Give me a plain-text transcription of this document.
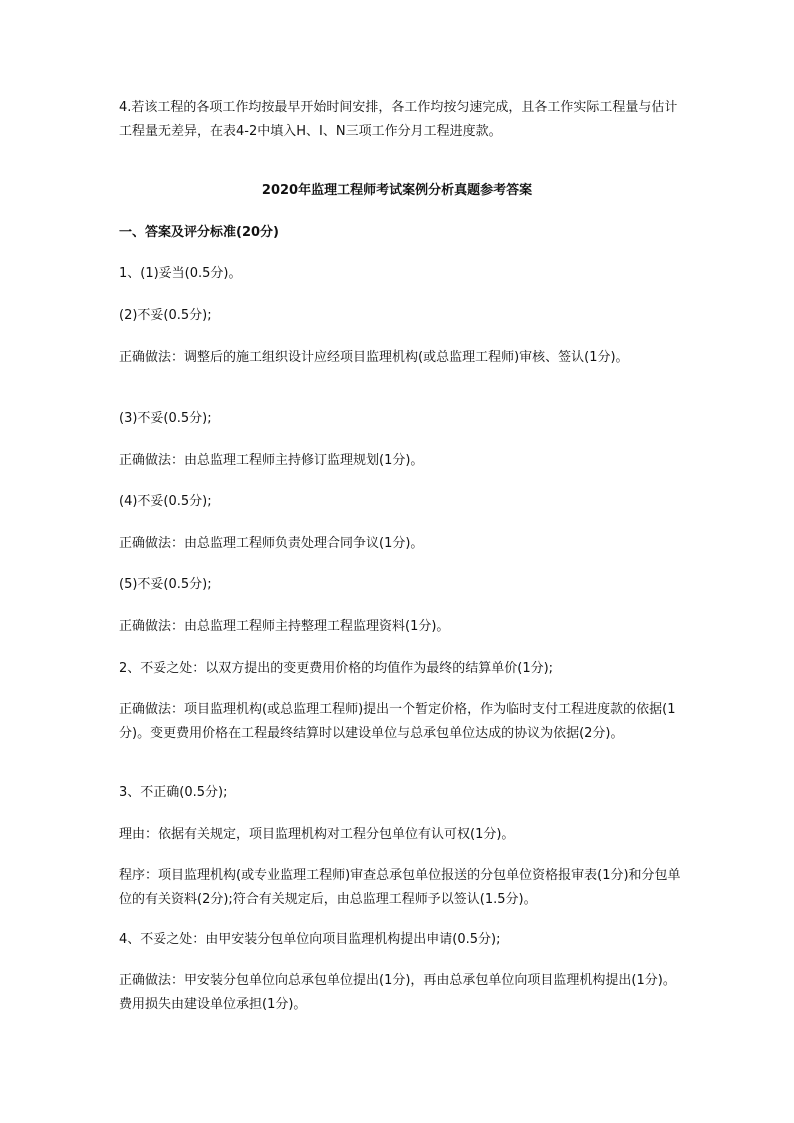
4.若该工程的各项工作均按最早开始时间安排，各工作均按匀速完成，且各工作实际工程量与估计工程量无差异，在表4-2中填入H、I、N三项工作分月工程进度款。
2020年监理工程师考试案例分析真题参考答案
一、答案及评分标准(20分)
1、(1)妥当(0.5分)。
(2)不妥(0.5分);
正确做法：调整后的施工组织设计应经项目监理机构(或总监理工程师)审核、签认(1分)。
(3)不妥(0.5分);
正确做法：由总监理工程师主持修订监理规划(1分)。
(4)不妥(0.5分);
正确做法：由总监理工程师负责处理合同争议(1分)。
(5)不妥(0.5分);
正确做法：由总监理工程师主持整理工程监理资料(1分)。
2、不妥之处：以双方提出的变更费用价格的均值作为最终的结算单价(1分);
正确做法：项目监理机构(或总监理工程师)提出一个暂定价格，作为临时支付工程进度款的依据(1分)。变更费用价格在工程最终结算时以建设单位与总承包单位达成的协议为依据(2分)。
3、不正确(0.5分);
理由：依据有关规定，项目监理机构对工程分包单位有认可权(1分)。
程序：项目监理机构(或专业监理工程师)审查总承包单位报送的分包单位资格报审表(1分)和分包单位的有关资料(2分);符合有关规定后，由总监理工程师予以签认(1.5分)。
4、不妥之处：由甲安装分包单位向项目监理机构提出申请(0.5分);
正确做法：甲安装分包单位向总承包单位提出(1分)，再由总承包单位向项目监理机构提出(1分)。费用损失由建设单位承担(1分)。
